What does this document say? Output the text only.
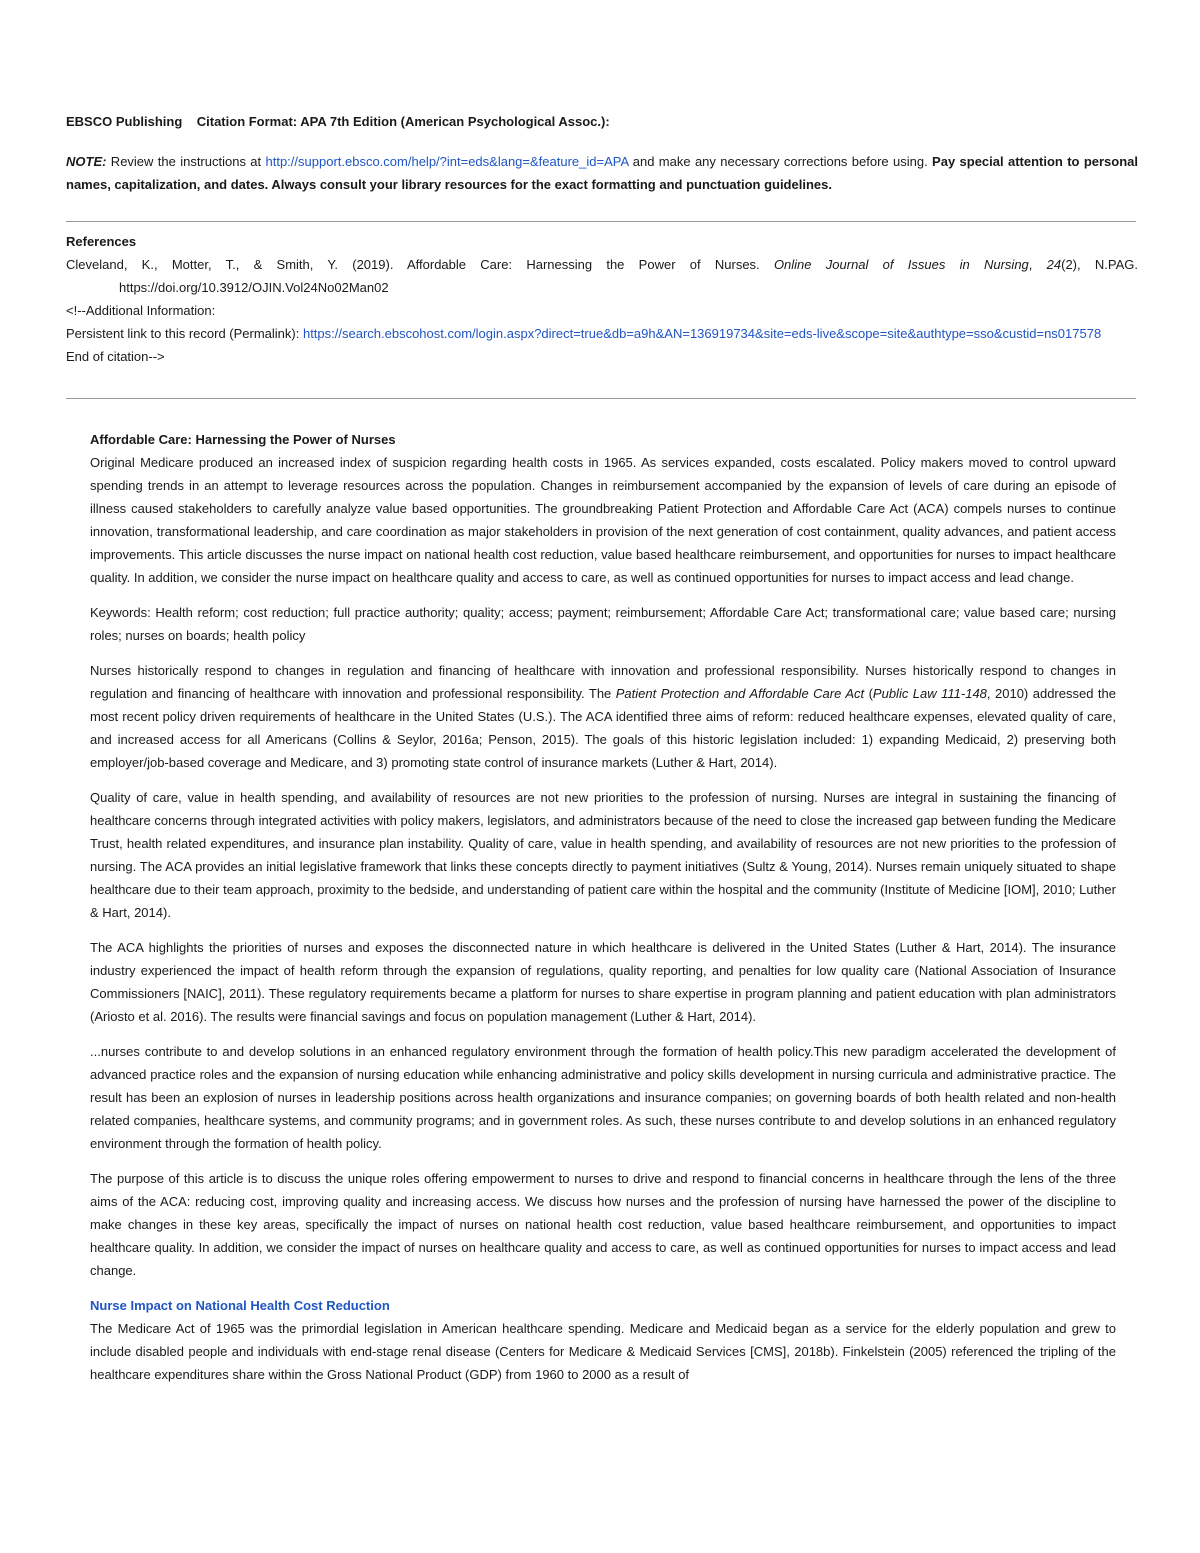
EBSCO Publishing Citation Format: APA 7th Edition (American Psychological Assoc.):
NOTE: Review the instructions at http://support.ebsco.com/help/?int=eds&lang=&feature_id=APA and make any necessary corrections before using. Pay special attention to personal names, capitalization, and dates. Always consult your library resources for the exact formatting and punctuation guidelines.
References
Cleveland, K., Motter, T., & Smith, Y. (2019). Affordable Care: Harnessing the Power of Nurses. Online Journal of Issues in Nursing, 24(2), N.PAG. https://doi.org/10.3912/OJIN.Vol24No02Man02
<!--Additional Information:
Persistent link to this record (Permalink): https://search.ebscohost.com/login.aspx?direct=true&db=a9h&AN=136919734&site=eds-live&scope=site&authtype=sso&custid=ns017578
End of citation-->

Affordable Care: Harnessing the Power of Nurses

Original Medicare produced an increased index of suspicion regarding health costs in 1965. As services expanded, costs escalated. Policy makers moved to control upward spending trends in an attempt to leverage resources across the population. Changes in reimbursement accompanied by the expansion of levels of care during an episode of illness caused stakeholders to carefully analyze value based opportunities. The groundbreaking Patient Protection and Affordable Care Act (ACA) compels nurses to continue innovation, transformational leadership, and care coordination as major stakeholders in provision of the next generation of cost containment, quality advances, and patient access improvements. This article discusses the nurse impact on national health cost reduction, value based healthcare reimbursement, and opportunities for nurses to impact healthcare quality. In addition, we consider the nurse impact on healthcare quality and access to care, as well as continued opportunities for nurses to impact access and lead change.

Keywords: Health reform; cost reduction; full practice authority; quality; access; payment; reimbursement; Affordable Care Act; transformational care; value based care; nursing roles; nurses on boards; health policy

Nurses historically respond to changes in regulation and financing of healthcare with innovation and professional responsibility. Nurses historically respond to changes in regulation and financing of healthcare with innovation and professional responsibility. The Patient Protection and Affordable Care Act (Public Law 111-148, 2010) addressed the most recent policy driven requirements of healthcare in the United States (U.S.). The ACA identified three aims of reform: reduced healthcare expenses, elevated quality of care, and increased access for all Americans (Collins & Seylor, 2016a; Penson, 2015). The goals of this historic legislation included: 1) expanding Medicaid, 2) preserving both employer/job-based coverage and Medicare, and 3) promoting state control of insurance markets (Luther & Hart, 2014).

Quality of care, value in health spending, and availability of resources are not new priorities to the profession of nursing. Nurses are integral in sustaining the financing of healthcare concerns through integrated activities with policy makers, legislators, and administrators because of the need to close the increased gap between funding the Medicare Trust, health related expenditures, and insurance plan instability. Quality of care, value in health spending, and availability of resources are not new priorities to the profession of nursing. The ACA provides an initial legislative framework that links these concepts directly to payment initiatives (Sultz & Young, 2014). Nurses remain uniquely situated to shape healthcare due to their team approach, proximity to the bedside, and understanding of patient care within the hospital and the community (Institute of Medicine [IOM], 2010; Luther & Hart, 2014).

The ACA highlights the priorities of nurses and exposes the disconnected nature in which healthcare is delivered in the United States (Luther & Hart, 2014). The insurance industry experienced the impact of health reform through the expansion of regulations, quality reporting, and penalties for low quality care (National Association of Insurance Commissioners [NAIC], 2011). These regulatory requirements became a platform for nurses to share expertise in program planning and patient education with plan administrators (Ariosto et al. 2016). The results were financial savings and focus on population management (Luther & Hart, 2014).

...nurses contribute to and develop solutions in an enhanced regulatory environment through the formation of health policy.This new paradigm accelerated the development of advanced practice roles and the expansion of nursing education while enhancing administrative and policy skills development in nursing curricula and administrative practice. The result has been an explosion of nurses in leadership positions across health organizations and insurance companies; on governing boards of both health related and non-health related companies, healthcare systems, and community programs; and in government roles. As such, these nurses contribute to and develop solutions in an enhanced regulatory environment through the formation of health policy.

The purpose of this article is to discuss the unique roles offering empowerment to nurses to drive and respond to financial concerns in healthcare through the lens of the three aims of the ACA: reducing cost, improving quality and increasing access. We discuss how nurses and the profession of nursing have harnessed the power of the discipline to make changes in these key areas, specifically the impact of nurses on national health cost reduction, value based healthcare reimbursement, and opportunities to impact healthcare quality. In addition, we consider the impact of nurses on healthcare quality and access to care, as well as continued opportunities for nurses to impact access and lead change.

Nurse Impact on National Health Cost Reduction

The Medicare Act of 1965 was the primordial legislation in American healthcare spending. Medicare and Medicaid began as a service for the elderly population and grew to include disabled people and individuals with end-stage renal disease (Centers for Medicare & Medicaid Services [CMS], 2018b). Finkelstein (2005) referenced the tripling of the healthcare expenditures share within the Gross National Product (GDP) from 1960 to 2000 as a result of
